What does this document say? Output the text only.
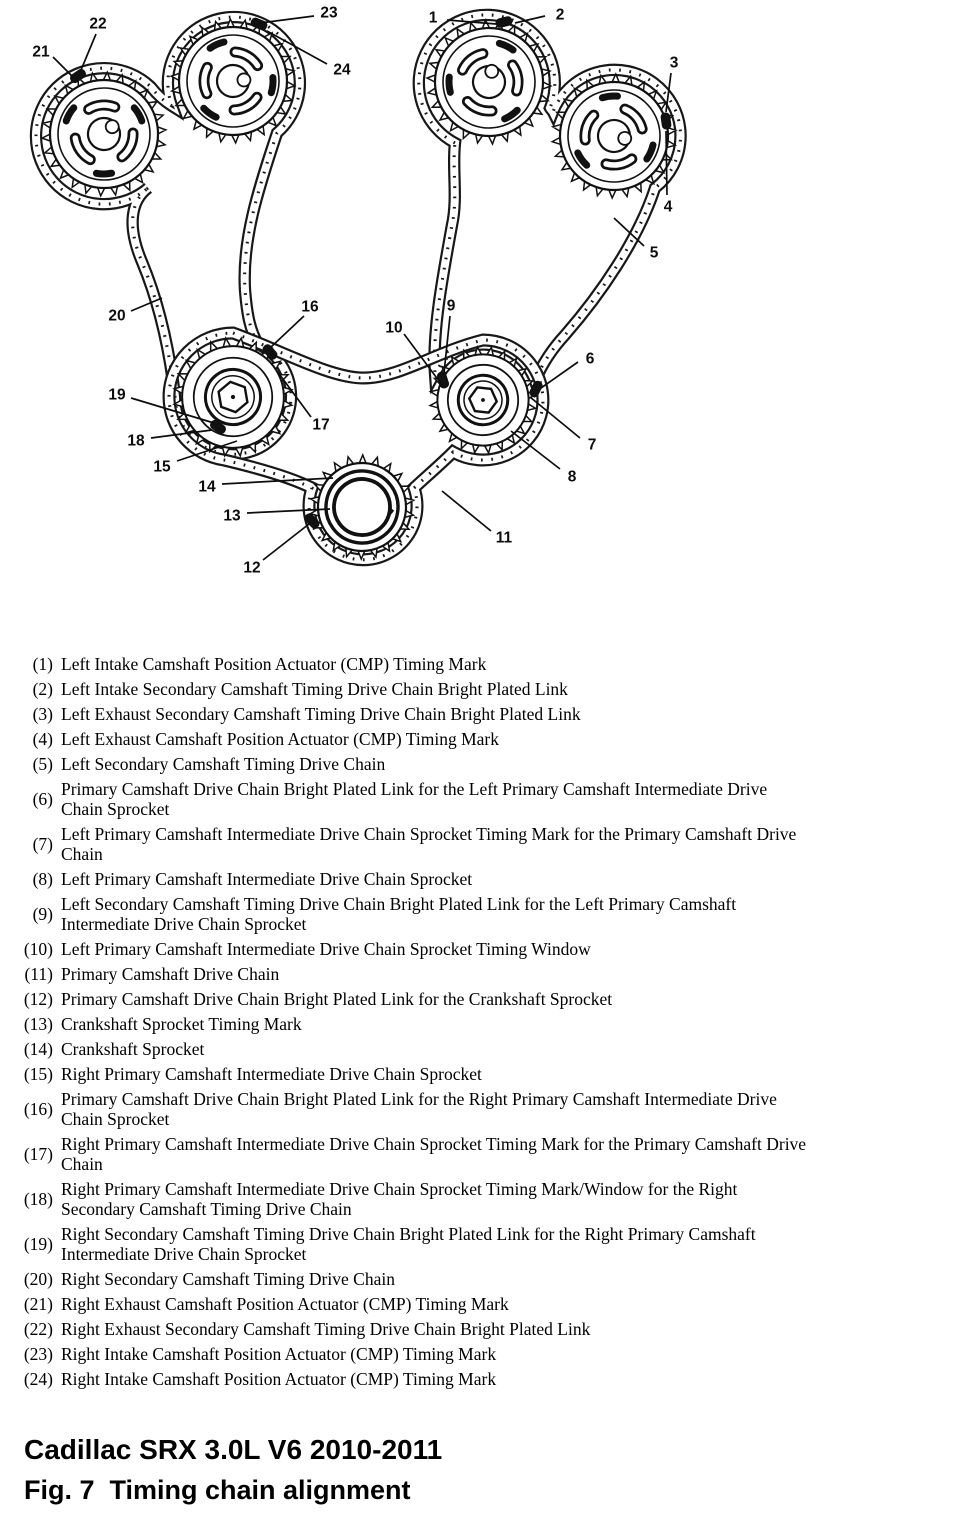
1	2
3
4
5
6
7
8
9
10
11
12
13
14
15
16
17
18
19
20
21
22
23
24
(1) Left Intake Camshaft Position Actuator (CMP) Timing Mark
(2) Left Intake Secondary Camshaft Timing Drive Chain Bright Plated Link
(3) Left Exhaust Secondary Camshaft Timing Drive Chain Bright Plated Link
(4) Left Exhaust Camshaft Position Actuator (CMP) Timing Mark
(5) Left Secondary Camshaft Timing Drive Chain
(6) Primary Camshaft Drive Chain Bright Plated Link for the Left Primary Camshaft Intermediate Drive Chain Sprocket
(7) Left Primary Camshaft Intermediate Drive Chain Sprocket Timing Mark for the Primary Camshaft Drive Chain
(8) Left Primary Camshaft Intermediate Drive Chain Sprocket
(9) Left Secondary Camshaft Timing Drive Chain Bright Plated Link for the Left Primary Camshaft Intermediate Drive Chain Sprocket
(10) Left Primary Camshaft Intermediate Drive Chain Sprocket Timing Window
(11) Primary Camshaft Drive Chain
(12) Primary Camshaft Drive Chain Bright Plated Link for the Crankshaft Sprocket
(13) Crankshaft Sprocket Timing Mark
(14) Crankshaft Sprocket
(15) Right Primary Camshaft Intermediate Drive Chain Sprocket
(16) Primary Camshaft Drive Chain Bright Plated Link for the Right Primary Camshaft Intermediate Drive Chain Sprocket
(17) Right Primary Camshaft Intermediate Drive Chain Sprocket Timing Mark for the Primary Camshaft Drive Chain
(18) Right Primary Camshaft Intermediate Drive Chain Sprocket Timing Mark/Window for the Right Secondary Camshaft Timing Drive Chain
(19) Right Secondary Camshaft Timing Drive Chain Bright Plated Link for the Right Primary Camshaft Intermediate Drive Chain Sprocket
(20) Right Secondary Camshaft Timing Drive Chain
(21) Right Exhaust Camshaft Position Actuator (CMP) Timing Mark
(22) Right Exhaust Secondary Camshaft Timing Drive Chain Bright Plated Link
(23) Right Intake Camshaft Position Actuator (CMP) Timing Mark
(24) Right Intake Camshaft Position Actuator (CMP) Timing Mark
Cadillac SRX 3.0L V6 2010-2011
Fig. 7  Timing chain alignment
